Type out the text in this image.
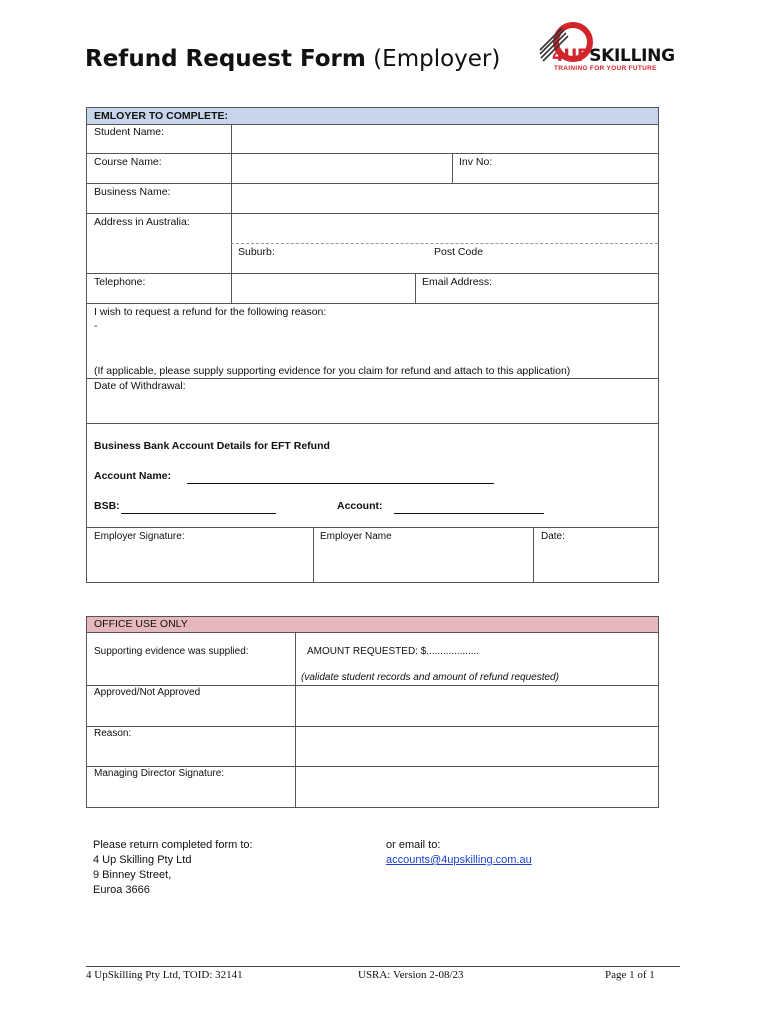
Refund Request Form (Employer)	4UPSKILLING
TRAINING FOR YOUR FUTURE
EMLOYER TO COMPLETE:
Student Name:
Course Name:	Inv No:
Business Name:
Address in Australia:
Suburb:	Post Code
Telephone:	Email Address:
I wish to request a refund for the following reason:
-
(If applicable, please supply supporting evidence for you claim for refund and attach to this application)
Date of Withdrawal:
Business Bank Account Details for EFT Refund
Account Name:
BSB:	Account:
Employer Signature:	Employer Name	Date:
OFFICE USE ONLY
Supporting evidence was supplied:	AMOUNT REQUESTED: $...................
(validate student records and amount of refund requested)
Approved/Not Approved
Reason:
Managing Director Signature:
Please return completed form to:
4 Up Skilling Pty Ltd
9 Binney Street,
Euroa 3666
or email to:
accounts@4upskilling.com.au
4 UpSkilling Pty Ltd, TOID: 32141	USRA: Version 2-08/23	Page 1 of 1
